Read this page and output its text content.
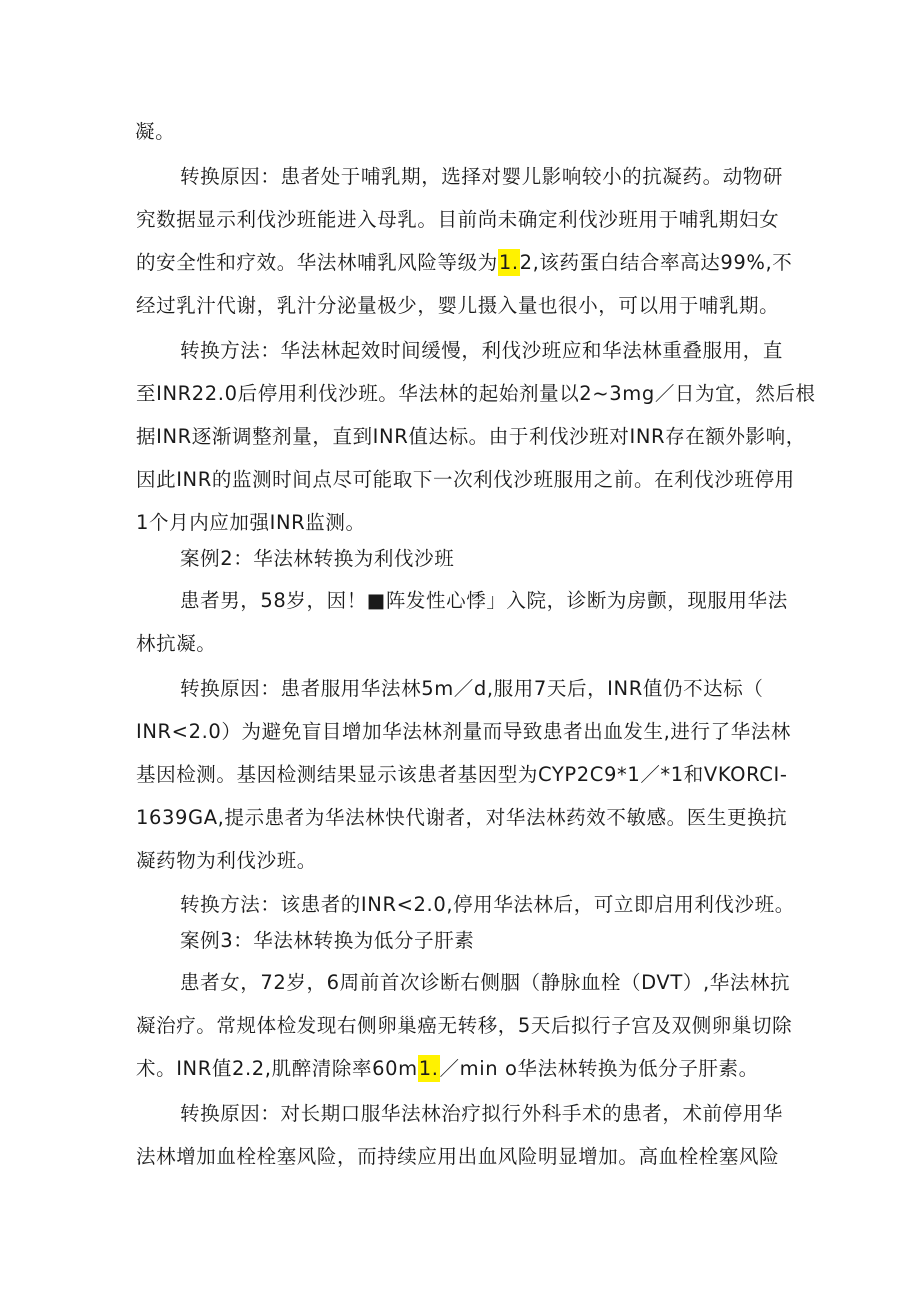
凝。
转换原因：患者处于哺乳期，选择对婴儿影响较小的抗凝药。动物研
究数据显示利伐沙班能进入母乳。目前尚未确定利伐沙班用于哺乳期妇女
的安全性和疗效。华法林哺乳风险等级为1.2,该药蛋白结合率高达99%,不
经过乳汁代谢，乳汁分泌量极少，婴儿摄入量也很小，可以用于哺乳期。
转换方法：华法林起效时间缓慢，利伐沙班应和华法林重叠服用，直
至INR22.0后停用利伐沙班。华法林的起始剂量以2~3mg／日为宜，然后根
据INR逐渐调整剂量，直到INR值达标。由于利伐沙班对INR存在额外影响，
因此INR的监测时间点尽可能取下一次利伐沙班服用之前。在利伐沙班停用
1个月内应加强INR监测。
案例2：华法林转换为利伐沙班
患者男，58岁，因！■阵发性心悸」入院，诊断为房颤，现服用华法
林抗凝。
转换原因：患者服用华法林5m／d,服用7天后，INR值仍不达标（
INR<2.0）为避免盲目增加华法林剂量而导致患者出血发生,进行了华法林
基因检测。基因检测结果显示该患者基因型为CYP2C9*1／*1和VKORCI-
1639GA,提示患者为华法林快代谢者，对华法林药效不敏感。医生更换抗
凝药物为利伐沙班。
转换方法：该患者的INR<2.0,停用华法林后，可立即启用利伐沙班。
案例3：华法林转换为低分子肝素
患者女，72岁，6周前首次诊断右侧胭（静脉血栓（DVT）,华法林抗
凝治疗。常规体检发现右侧卵巢癌无转移，5天后拟行子宫及双侧卵巢切除
术。INR值2.2,肌醉清除率60m1.／min o华法林转换为低分子肝素。
转换原因：对长期口服华法林治疗拟行外科手术的患者，术前停用华
法林增加血栓栓塞风险，而持续应用出血风险明显增加。高血栓栓塞风险
